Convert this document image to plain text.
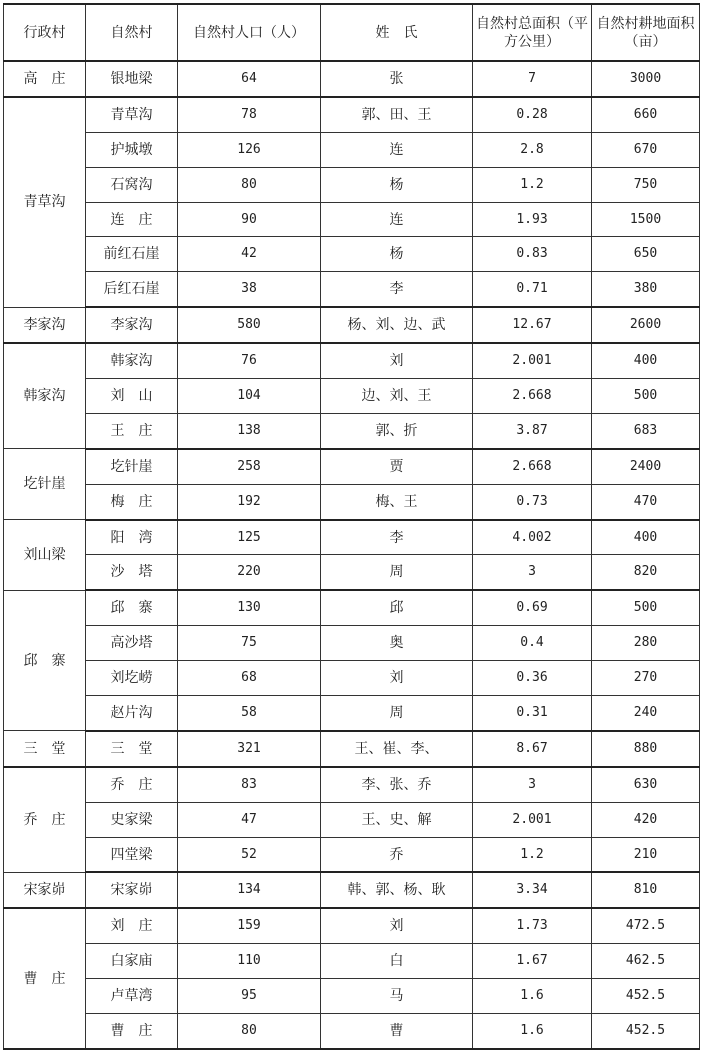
行政村	自然村	自然村人口（人）	姓　氏	自然村总面积（平方公里）	自然村耕地面积（亩）
高　庄	银地梁	64	张	7	3000
青草沟	青草沟	78	郭、田、王	0.28	660
	护城墩	126	连	2.8	670
	石窝沟	80	杨	1.2	750
	连　庄	90	连	1.93	1500
	前红石崖	42	杨	0.83	650
	后红石崖	38	李	0.71	380
李家沟	李家沟	580	杨、刘、边、武	12.67	2600
韩家沟	韩家沟	76	刘	2.001	400
	刘　山	104	边、刘、王	2.668	500
	王　庄	138	郭、折	3.87	683
圪针崖	圪针崖	258	贾	2.668	2400
	梅　庄	192	梅、王	0.73	470
刘山梁	阳　湾	125	李	4.002	400
	沙　塔	220	周	3	820
邱　寨	邱　寨	130	邱	0.69	500
	高沙塔	75	奥	0.4	280
	刘圪崂	68	刘	0.36	270
	赵片沟	58	周	0.31	240
三　堂	三　堂	321	王、崔、李、	8.67	880
乔　庄	乔　庄	83	李、张、乔	3	630
	史家梁	47	王、史、解	2.001	420
	四堂梁	52	乔	1.2	210
宋家峁	宋家峁	134	韩、郭、杨、耿	3.34	810
曹　庄	刘　庄	159	刘	1.73	472.5
	白家庙	110	白	1.67	462.5
	卢草湾	95	马	1.6	452.5
	曹　庄	80	曹	1.6	452.5
